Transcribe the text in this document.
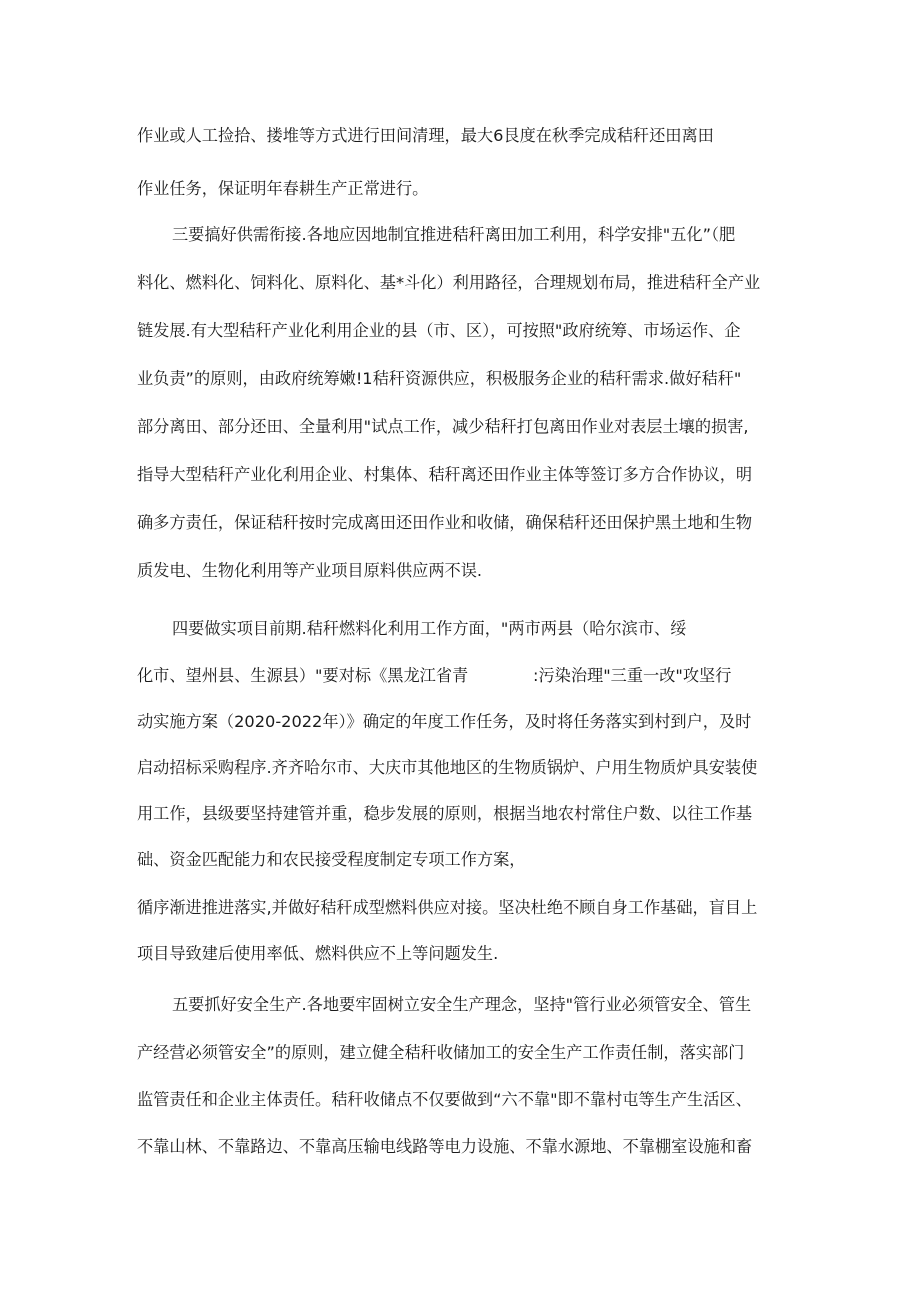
作业或人工捡拾、搂堆等方式进行田间清理，最大6艮度在秋季完成秸秆还田离田
作业任务，保证明年春耕生产正常进行。
三要搞好供需衔接.各地应因地制宜推进秸秆离田加工利用，科学安排"五化”（肥
料化、燃料化、饲料化、原料化、基*斗化）利用路径，合理规划布局，推进秸秆全产业
链发展.有大型秸秆产业化利用企业的县（市、区），可按照"政府统筹、市场运作、企
业负责”的原则，由政府统筹嫩!1秸秆资源供应，积极服务企业的秸秆需求.做好秸秆"
部分离田、部分还田、全量利用"试点工作，减少秸秆打包离田作业对表层土壤的损害,
指导大型秸秆产业化利用企业、村集体、秸秆离还田作业主体等签订多方合作协议，明
确多方责任，保证秸秆按时完成离田还田作业和收储，确保秸秆还田保护黑土地和生物
质发电、生物化利用等产业项目原料供应两不误.
四要做实项目前期.秸秆燃料化利用工作方面，"两市两县（哈尔滨市、绥
化市、望州县、生源县）"要对标《黑龙江省青	:污染治理"三重一改"攻坚行
动实施方案（2020-2022年）》确定的年度工作任务，及时将任务落实到村到户，及时
启动招标采购程序.齐齐哈尔市、大庆市其他地区的生物质锅炉、户用生物质炉具安装使
用工作，县级要坚持建管并重，稳步发展的原则，根据当地农村常住户数、以往工作基
础、资金匹配能力和农民接受程度制定专项工作方案，
循序渐进推进落实,并做好秸秆成型燃料供应对接。坚决杜绝不顾自身工作基础，盲目上
项目导致建后使用率低、燃料供应不上等问题发生.
五要抓好安全生产.各地要牢固树立安全生产理念，坚持"管行业必须管安全、管生
产经营必须管安全”的原则，建立健全秸秆收储加工的安全生产工作责任制，落实部门
监管责任和企业主体责任。秸秆收储点不仅要做到“六不靠"即不靠村屯等生产生活区、
不靠山林、不靠路边、不靠高压输电线路等电力设施、不靠水源地、不靠棚室设施和畜
